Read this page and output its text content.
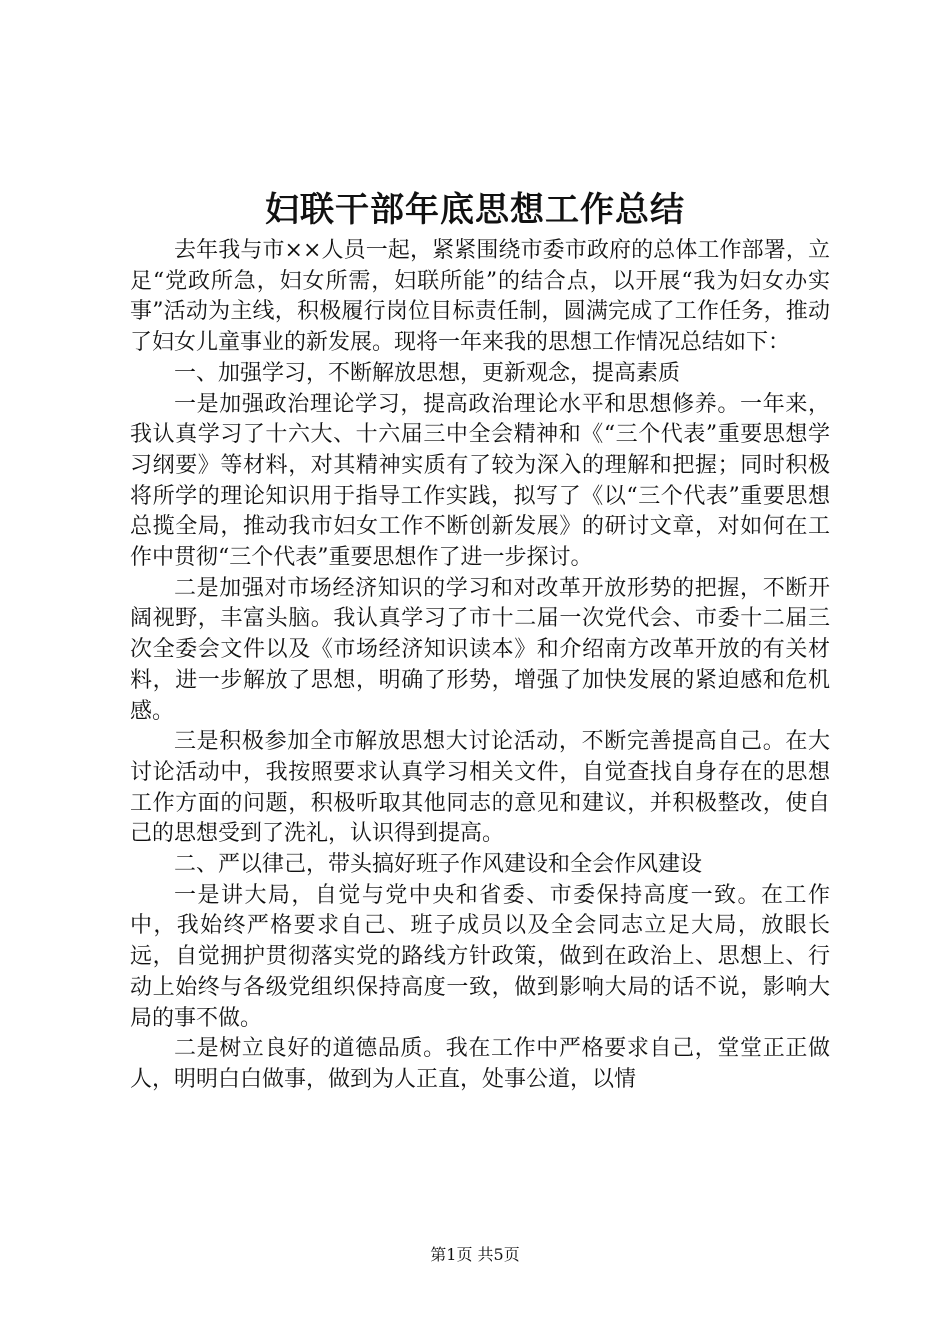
妇联干部年底思想工作总结

去年我与市××人员一起，紧紧围绕市委市政府的总体工作部署，立足“党政所急，妇女所需，妇联所能”的结合点，以开展“我为妇女办实事”活动为主线，积极履行岗位目标责任制，圆满完成了工作任务，推动了妇女儿童事业的新发展。现将一年来我的思想工作情况总结如下：

一、加强学习，不断解放思想，更新观念，提高素质

一是加强政治理论学习，提高政治理论水平和思想修养。一年来，我认真学习了十六大、十六届三中全会精神和《“三个代表”重要思想学习纲要》等材料，对其精神实质有了较为深入的理解和把握；同时积极将所学的理论知识用于指导工作实践，拟写了《以“三个代表”重要思想总揽全局，推动我市妇女工作不断创新发展》的研讨文章，对如何在工作中贯彻“三个代表”重要思想作了进一步探讨。

二是加强对市场经济知识的学习和对改革开放形势的把握，不断开阔视野，丰富头脑。我认真学习了市十二届一次党代会、市委十二届三次全委会文件以及《市场经济知识读本》和介绍南方改革开放的有关材料，进一步解放了思想，明确了形势，增强了加快发展的紧迫感和危机感。

三是积极参加全市解放思想大讨论活动，不断完善提高自己。在大讨论活动中，我按照要求认真学习相关文件，自觉查找自身存在的思想工作方面的问题，积极听取其他同志的意见和建议，并积极整改，使自己的思想受到了洗礼，认识得到提高。

二、严以律己，带头搞好班子作风建设和全会作风建设

一是讲大局，自觉与党中央和省委、市委保持高度一致。在工作中，我始终严格要求自己、班子成员以及全会同志立足大局，放眼长远，自觉拥护贯彻落实党的路线方针政策，做到在政治上、思想上、行动上始终与各级党组织保持高度一致，做到影响大局的话不说，影响大局的事不做。

二是树立良好的道德品质。我在工作中严格要求自己，堂堂正正做人，明明白白做事，做到为人正直，处事公道，以情

第1页 共5页
